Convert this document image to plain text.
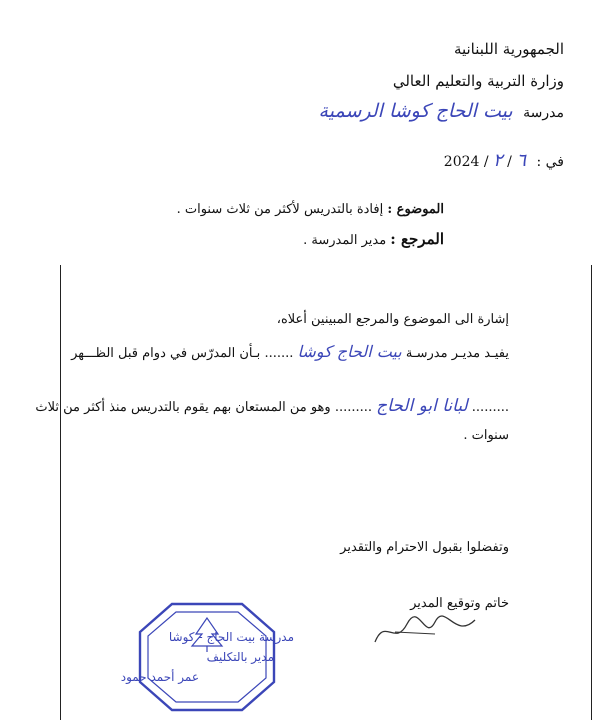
الجمهورية اللبنانية
وزارة التربية والتعليم العالي
مدرسة بيت الحاج كوشا الرسمية
2024 / ٦ / ٢ في :
الموضوع : إفادة بالتدريس لأكثر من ثلاث سنوات .
المرجع : مدير المدرسة .
إشارة الى الموضوع والمرجع المبينين أعلاه،
يفيـد مديـر مدرسـة بيت الحاج كوشا ....... بـأن المدرّس في دوام قبل الظـــهر
......... لبانا ابو الحاج ......... وهو من المستعان بهم يقوم بالتدريس منذ أكثر من ثلاث
سنوات .
وتفضلوا بقبول الاحترام والتقدير
خاتم وتوقيع المدير
مدرسة بيت الحاج - كوشا
مدير بالتكليف
عمر أحمد حمود
